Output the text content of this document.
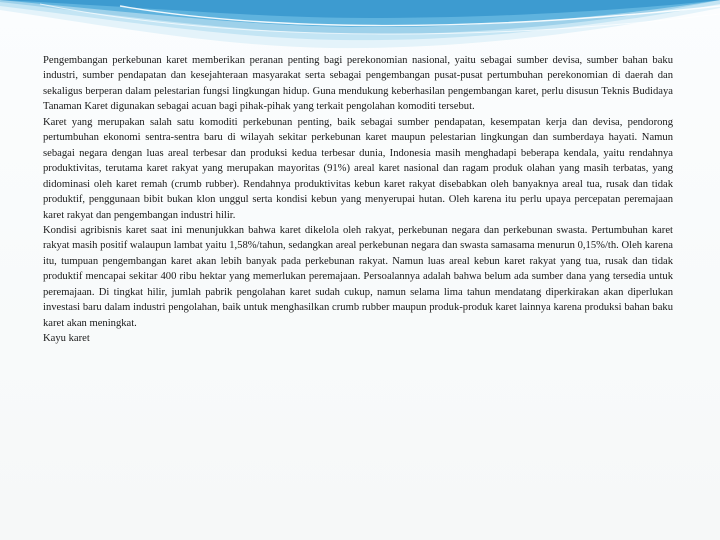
Pengembangan perkebunan karet memberikan peranan penting bagi perekonomian nasional, yaitu sebagai sumber devisa, sumber bahan baku industri, sumber pendapatan dan kesejahteraan masyarakat serta sebagai pengembangan pusat-pusat pertumbuhan perekonomian di daerah dan sekaligus berperan dalam pelestarian fungsi lingkungan hidup. Guna mendukung keberhasilan pengembangan karet, perlu disusun Teknis Budidaya Tanaman Karet digunakan sebagai acuan bagi pihak-pihak yang terkait pengolahan komoditi tersebut.

Karet yang merupakan salah satu komoditi perkebunan penting, baik sebagai sumber pendapatan, kesempatan kerja dan devisa, pendorong pertumbuhan ekonomi sentra-sentra baru di wilayah sekitar perkebunan karet maupun pelestarian lingkungan dan sumberdaya hayati. Namun sebagai negara dengan luas areal terbesar dan produksi kedua terbesar dunia, Indonesia masih menghadapi beberapa kendala, yaitu rendahnya produktivitas, terutama karet rakyat yang merupakan mayoritas (91%) areal karet nasional dan ragam produk olahan yang masih terbatas, yang didominasi oleh karet remah (crumb rubber). Rendahnya produktivitas kebun karet rakyat disebabkan oleh banyaknya areal tua, rusak dan tidak produktif, penggunaan bibit bukan klon unggul serta kondisi kebun yang menyerupai hutan. Oleh karena itu perlu upaya percepatan peremajaan karet rakyat dan pengembangan industri hilir.

Kondisi agribisnis karet saat ini menunjukkan bahwa karet dikelola oleh rakyat, perkebunan negara dan perkebunan swasta. Pertumbuhan karet rakyat masih positif walaupun lambat yaitu 1,58%/tahun, sedangkan areal perkebunan negara dan swasta samasama menurun 0,15%/th. Oleh karena itu, tumpuan pengembangan karet akan lebih banyak pada perkebunan rakyat. Namun luas areal kebun karet rakyat yang tua, rusak dan tidak produktif mencapai sekitar 400 ribu hektar yang memerlukan peremajaan. Persoalannya adalah bahwa belum ada sumber dana yang tersedia untuk peremajaan. Di tingkat hilir, jumlah pabrik pengolahan karet sudah cukup, namun selama lima tahun mendatang diperkirakan akan diperlukan investasi baru dalam industri pengolahan, baik untuk menghasilkan crumb rubber maupun produk-produk karet lainnya karena produksi bahan baku karet akan meningkat.

Kayu karet
